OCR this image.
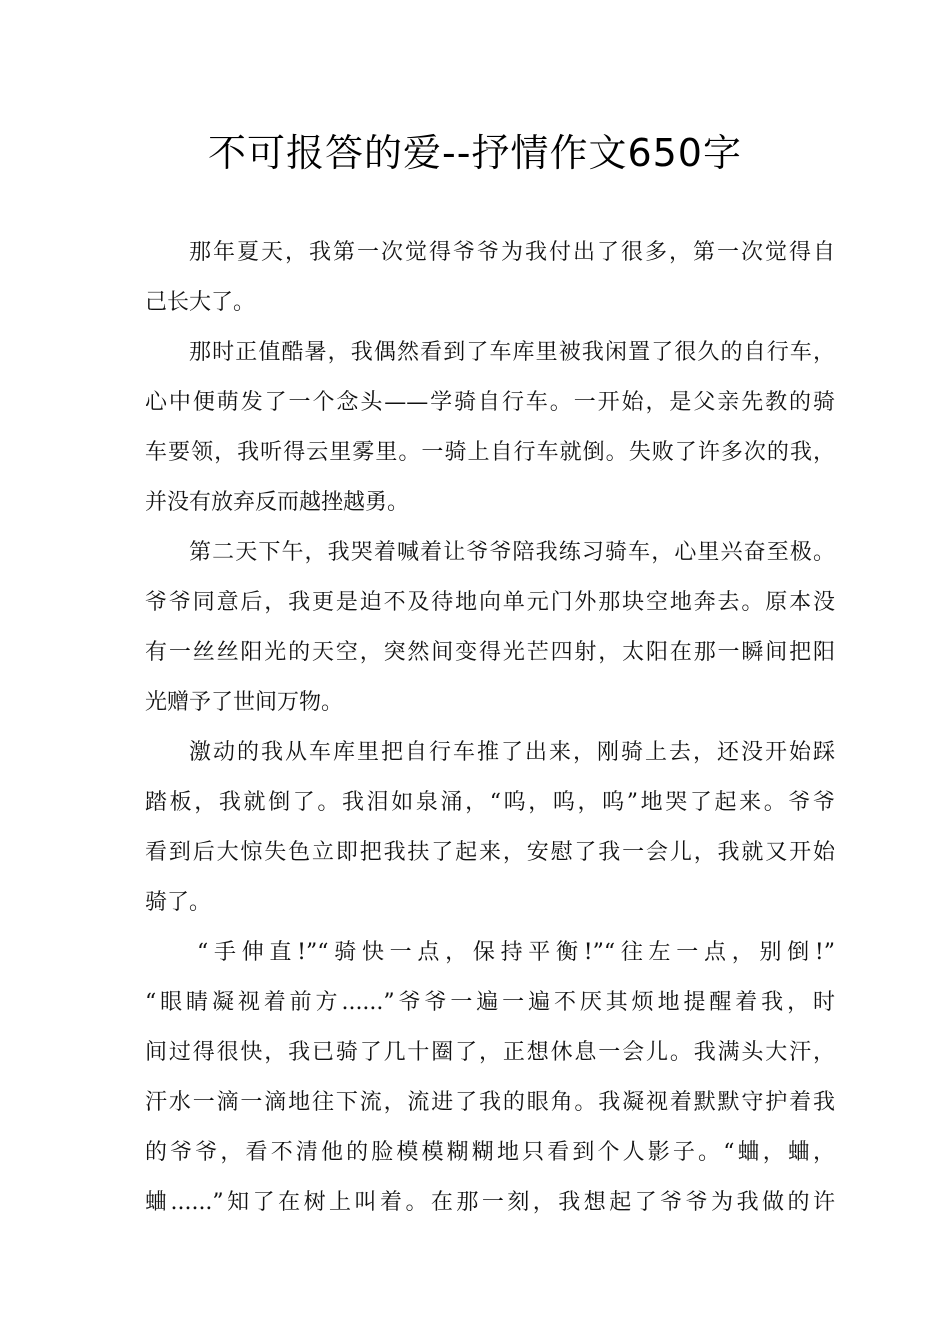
不可报答的爱--抒情作文650字
那年夏天，我第一次觉得爷爷为我付出了很多，第一次觉得自
己长大了。
那时正值酷暑，我偶然看到了车库里被我闲置了很久的自行车，
心中便萌发了一个念头——学骑自行车。一开始，是父亲先教的骑
车要领，我听得云里雾里。一骑上自行车就倒。失败了许多次的我，
并没有放弃反而越挫越勇。
第二天下午，我哭着喊着让爷爷陪我练习骑车，心里兴奋至极。
爷爷同意后，我更是迫不及待地向单元门外那块空地奔去。原本没
有一丝丝阳光的天空，突然间变得光芒四射，太阳在那一瞬间把阳
光赠予了世间万物。
激动的我从车库里把自行车推了出来，刚骑上去，还没开始踩
踏板，我就倒了。我泪如泉涌，“呜，呜，呜”地哭了起来。爷爷
看到后大惊失色立即把我扶了起来，安慰了我一会儿，我就又开始
骑了。
“手伸直!”“骑快一点，保持平衡!”“往左一点，别倒!”
“眼睛凝视着前方......”爷爷一遍一遍不厌其烦地提醒着我，时
间过得很快，我已骑了几十圈了，正想休息一会儿。我满头大汗，
汗水一滴一滴地往下流，流进了我的眼角。我凝视着默默守护着我
的爷爷，看不清他的脸模模糊糊地只看到个人影子。“蛐，蛐，
蛐......”知了在树上叫着。在那一刻，我想起了爷爷为我做的许
